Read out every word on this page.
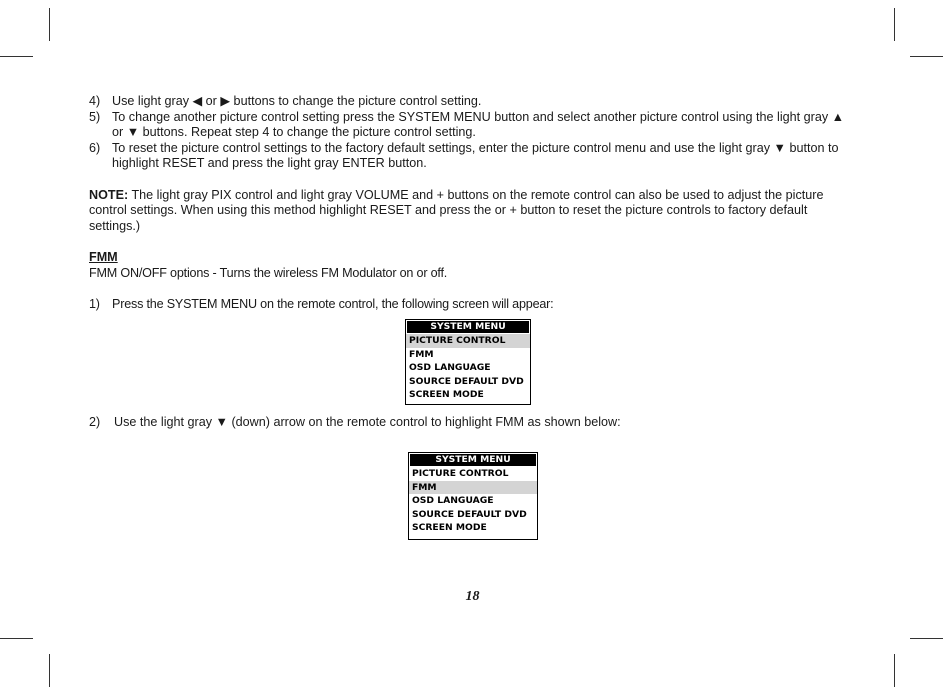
4) Use light gray ◀ or ▶ buttons to change the picture control setting.
5) To change another picture control setting press the SYSTEM MENU button and select another picture control using the light gray ▲ or ▼ buttons. Repeat step 4 to change the picture control setting.
6) To reset the picture control settings to the factory default settings, enter the picture control menu and use the light gray ▼ button to highlight RESET and press the light gray ENTER button.
NOTE: The light gray PIX control and light gray VOLUME and + buttons on the remote control can also be used to adjust the picture control settings. When using this method highlight RESET and press the or + button to reset the picture controls to factory default settings.)
FMM
FMM ON/OFF options - Turns the wireless FM Modulator on or off.
1) Press the SYSTEM MENU on the remote control, the following screen will appear:
SYSTEM MENU
PICTURE CONTROL
FMM
OSD LANGUAGE
SOURCE DEFAULT DVD
SCREEN MODE
2) Use the light gray ▼ (down) arrow on the remote control to highlight FMM as shown below:
SYSTEM MENU
PICTURE CONTROL
FMM
OSD LANGUAGE
SOURCE DEFAULT DVD
SCREEN MODE
18
